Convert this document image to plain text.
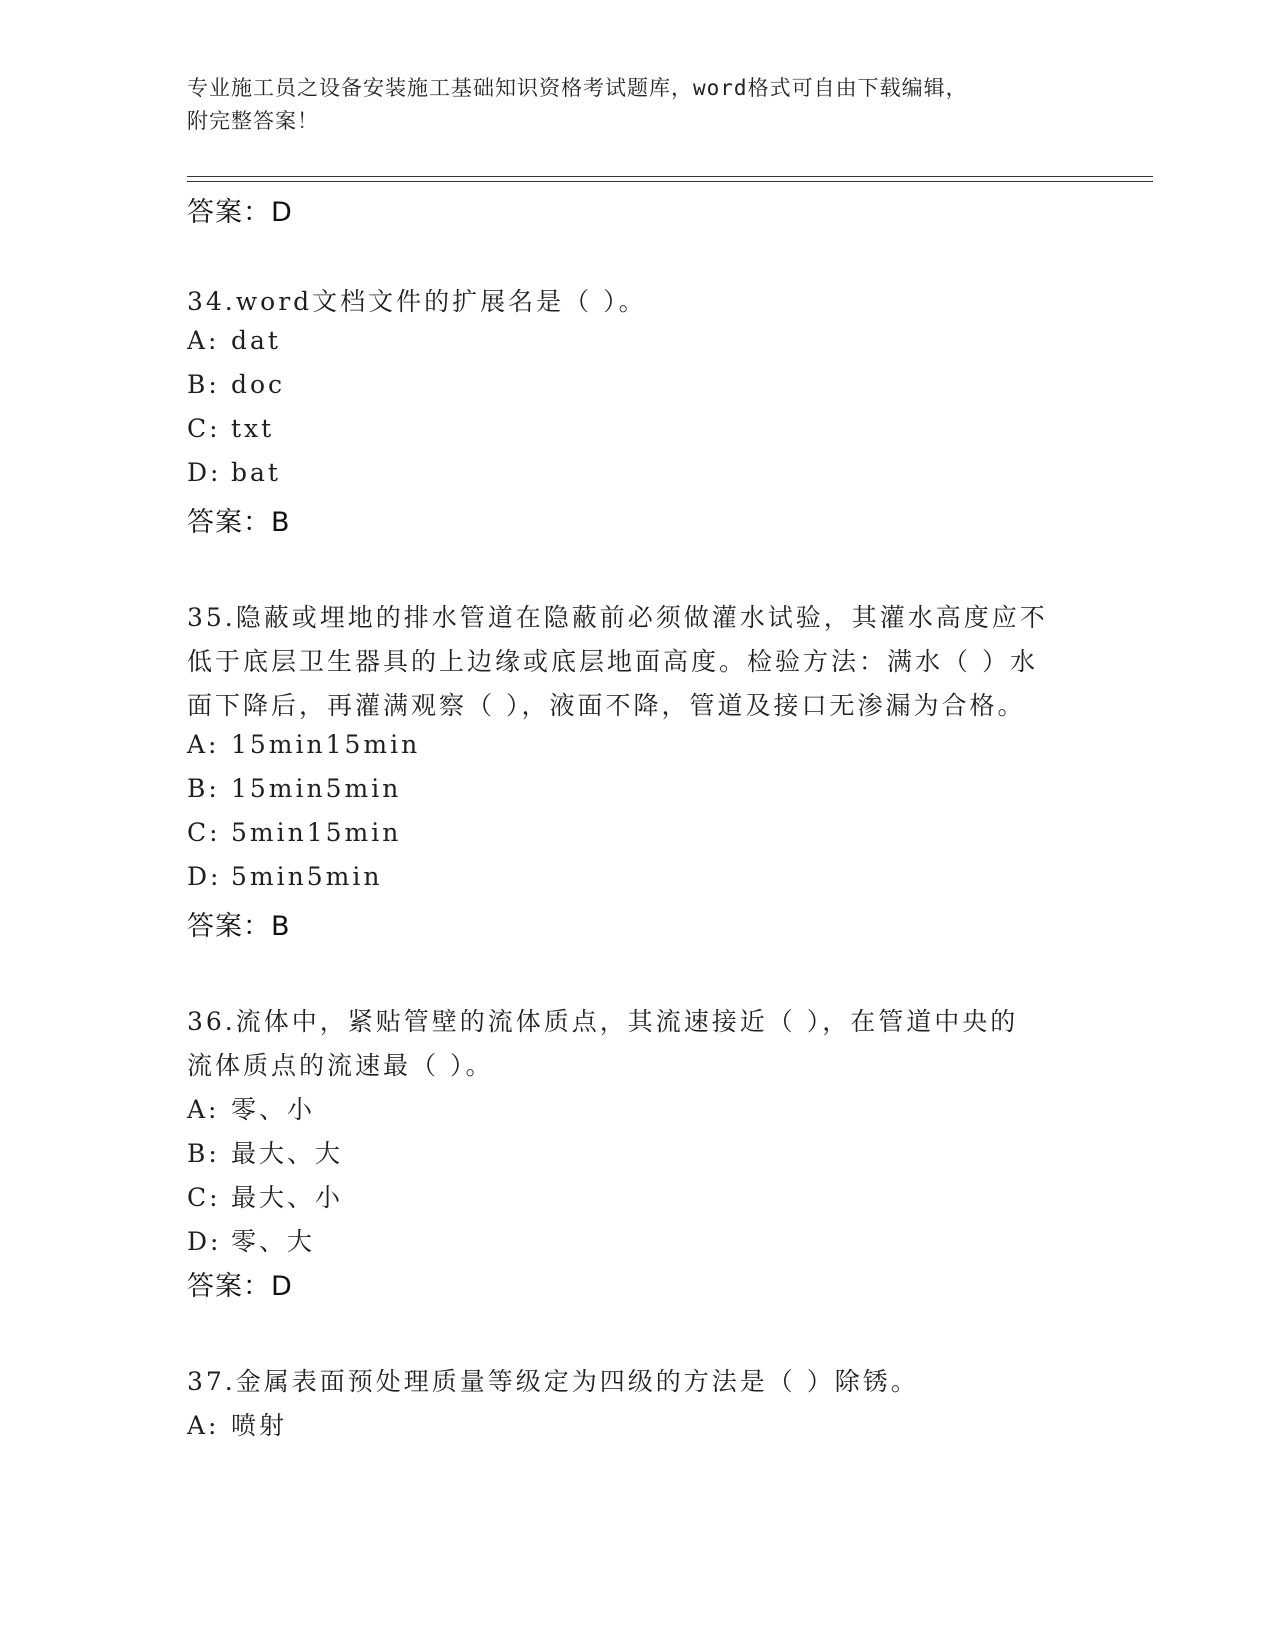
专业施工员之设备安装施工基础知识资格考试题库，word格式可自由下载编辑，
附完整答案！
答案：D
34.word文档文件的扩展名是（ ）。
A: dat
B: doc
C: txt
D: bat
答案：B
35.隐蔽或埋地的排水管道在隐蔽前必须做灌水试验，其灌水高度应不
低于底层卫生器具的上边缘或底层地面高度。检验方法：满水（ ）水
面下降后，再灌满观察（ ），液面不降，管道及接口无渗漏为合格。
A: 15min15min
B: 15min5min
C: 5min15min
D: 5min5min
答案：B
36.流体中，紧贴管壁的流体质点，其流速接近（ ），在管道中央的
流体质点的流速最（ ）。
A: 零、小
B: 最大、大
C: 最大、小
D: 零、大
答案：D
37.金属表面预处理质量等级定为四级的方法是（ ）除锈。
A: 喷射
